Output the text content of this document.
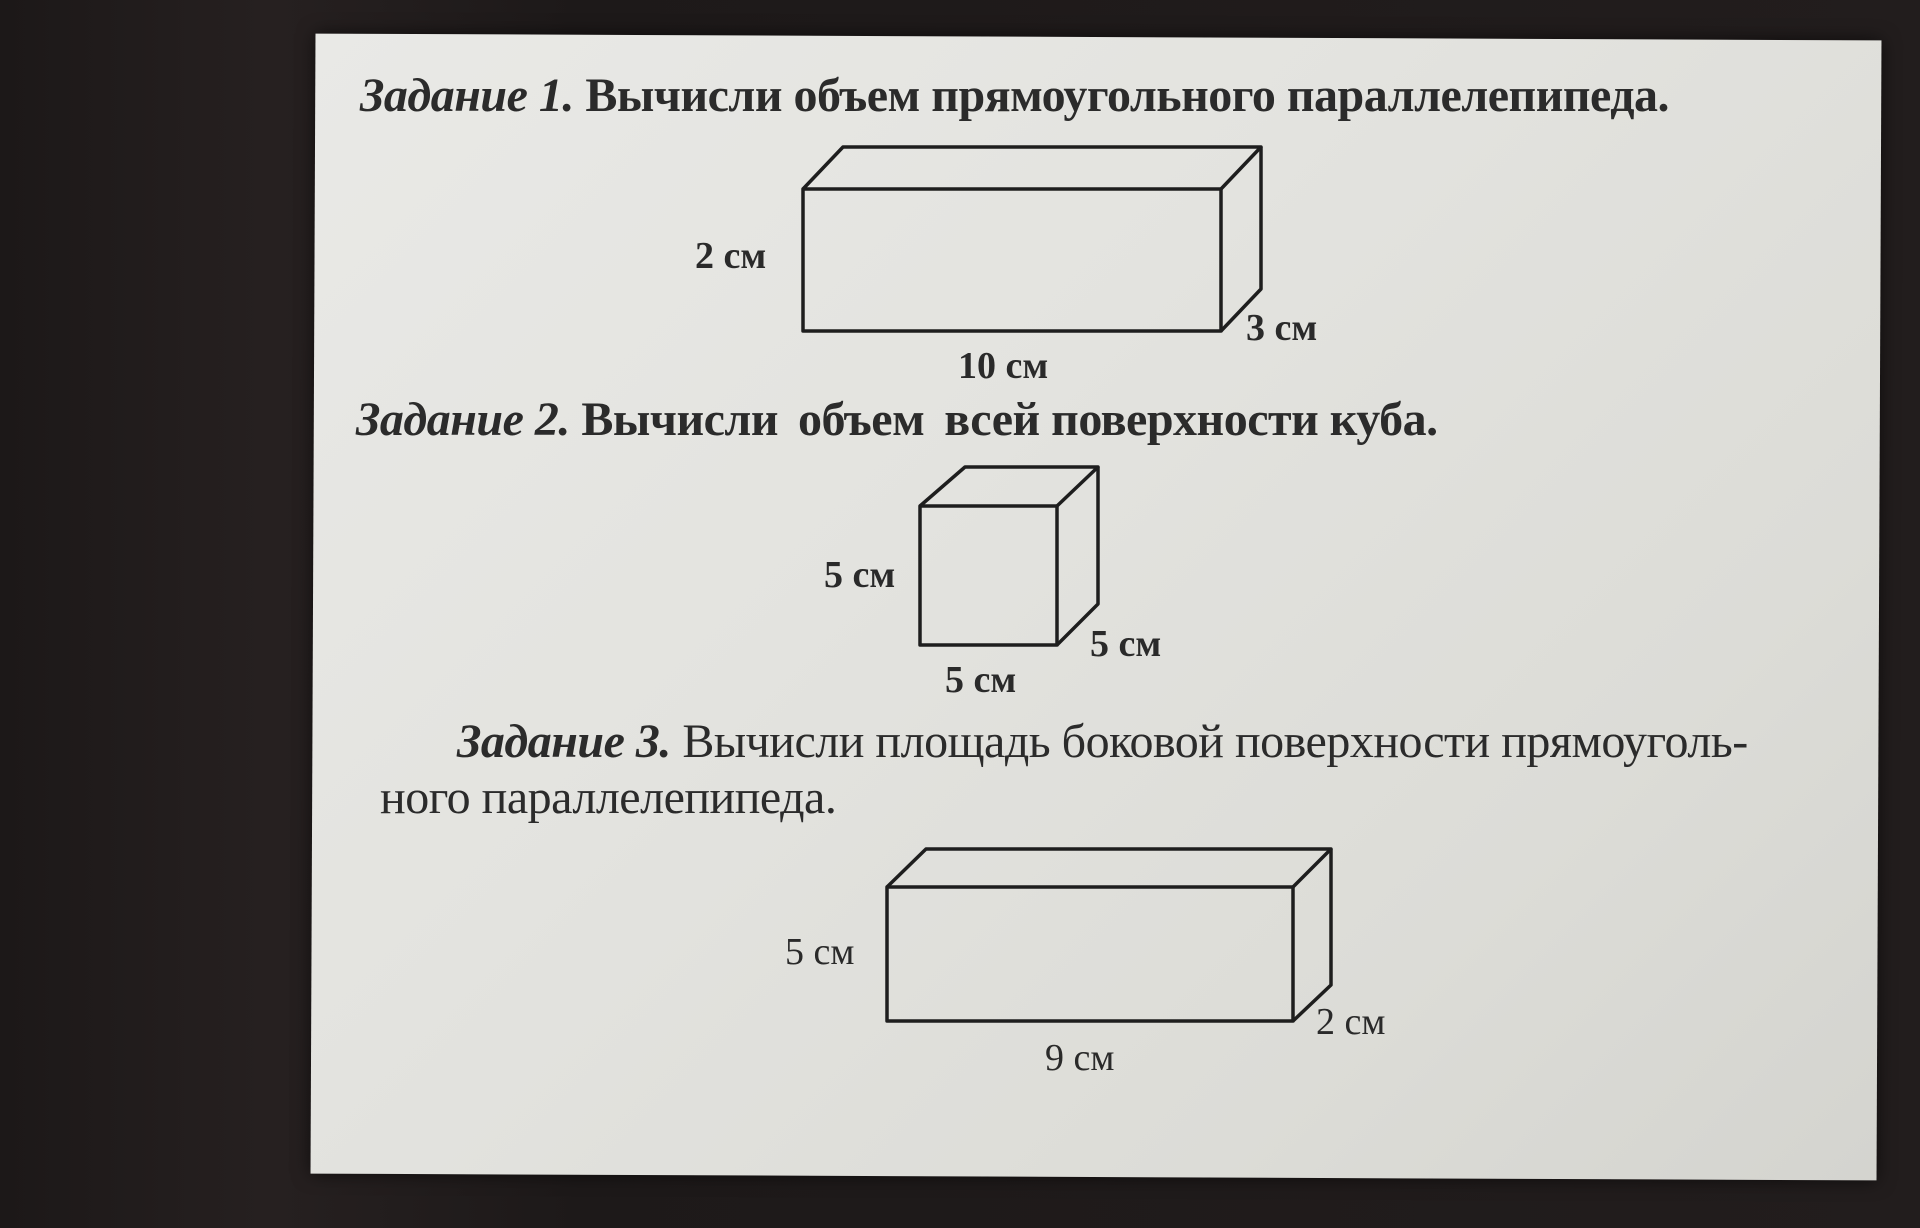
Задание 1. Вычисли объем прямоугольного параллелепипеда.

Задание 2. Вычисли объем всей поверхности куба.

Задание 3. Вычисли площадь боковой поверхности прямоуголь-

ного параллелепипеда.

2 см

3 см

10 см

5 см

5 см

5 см

5 см

2 см

9 см
